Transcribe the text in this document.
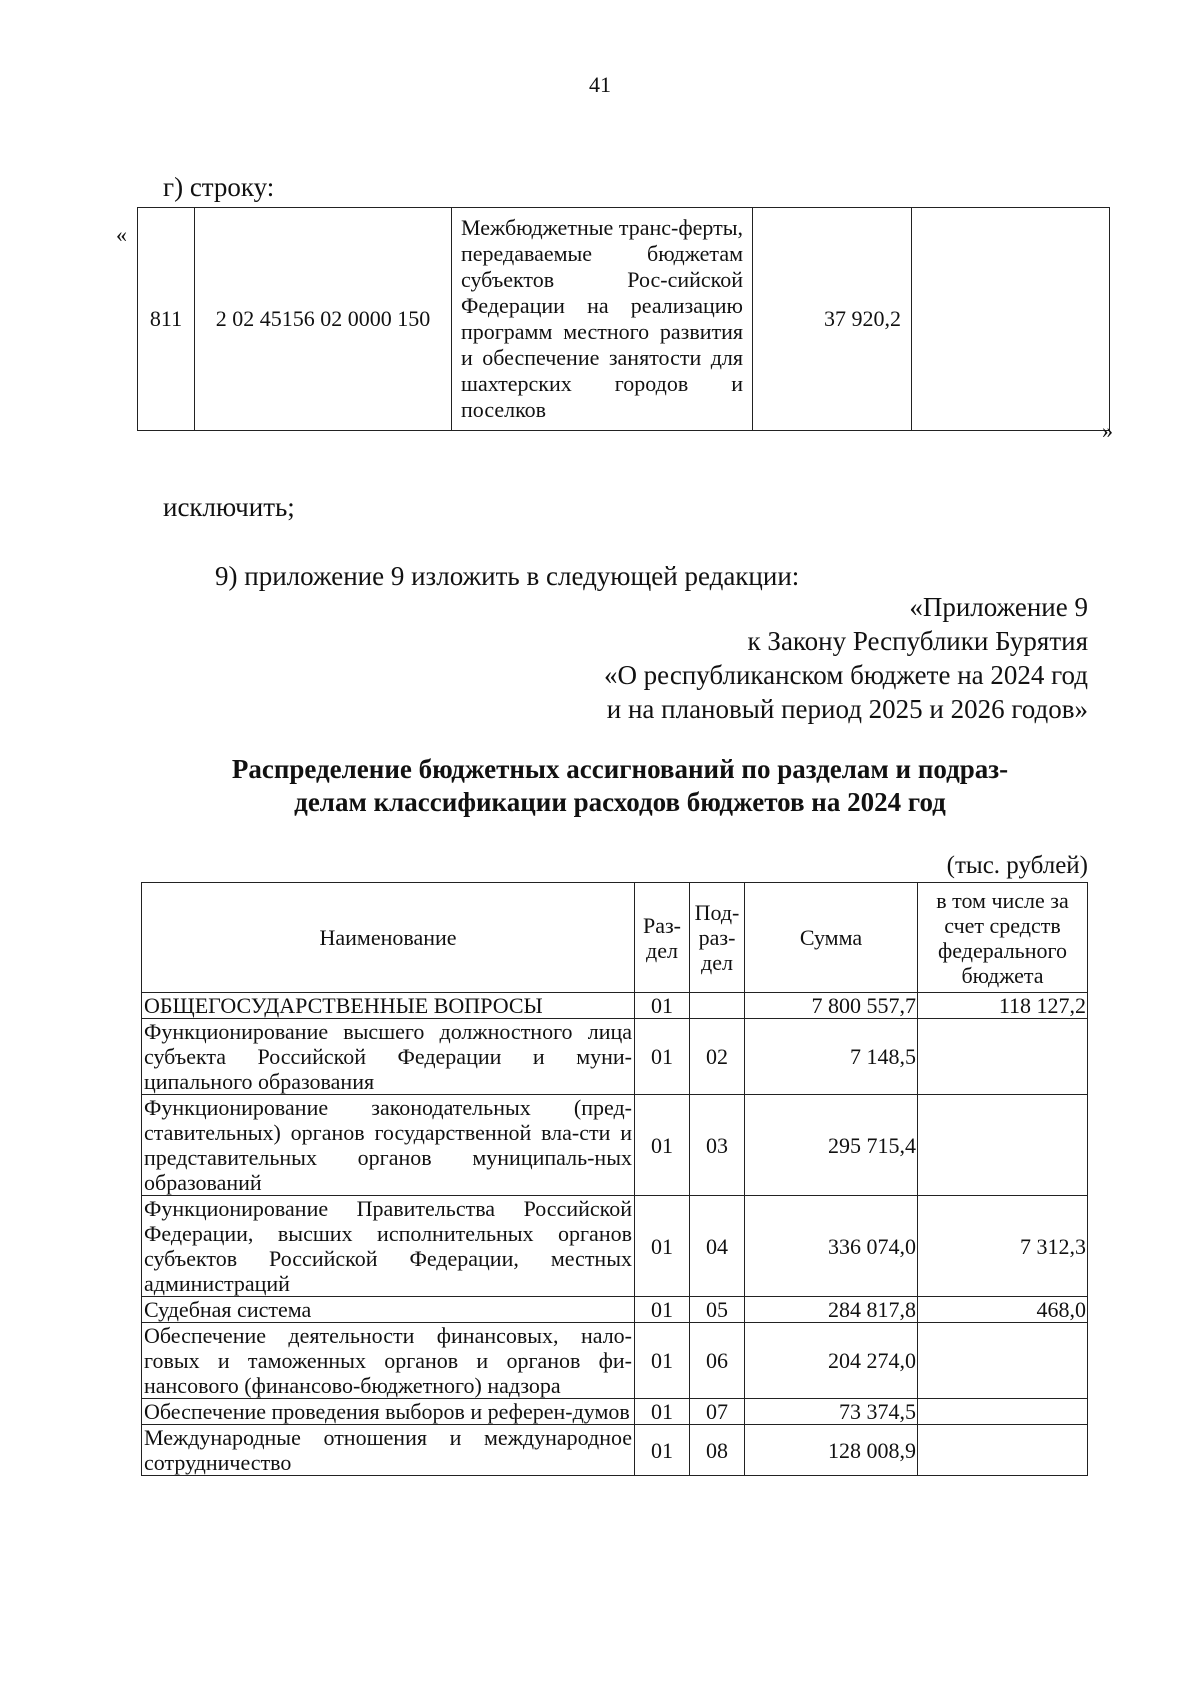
41
г) строку:
«
811	2 02 45156 02 0000 150	Межбюджетные транс-ферты, передаваемые бюджетам субъектов Рос-сийской Федерации на реализацию программ местного развития и обеспечение занятости для шахтерских городов и поселков	37 920,2	
»
исключить;
9) приложение 9 изложить в следующей редакции:
«Приложение 9
к Закону Республики Бурятия
«О республиканском бюджете на 2024 год
и на плановый период 2025 и 2026 годов»
Распределение бюджетных ассигнований по разделам и подраз-
делам классификации расходов бюджетов на 2024 год
(тыс. рублей)
Наименование	Раз-дел	Под-раз-дел	Сумма	в том числе за счет средств федерального бюджета
ОБЩЕГОСУДАРСТВЕННЫЕ ВОПРОСЫ	01		7 800 557,7	118 127,2
Функционирование высшего должностного лица субъекта Российской Федерации и муни-ципального образования	01	02	7 148,5	
Функционирование законодательных (пред-ставительных) органов государственной вла-сти и представительных органов муниципаль-ных образований	01	03	295 715,4	
Функционирование Правительства Российской Федерации, высших исполнительных органов субъектов Российской Федерации, местных администраций	01	04	336 074,0	7 312,3
Судебная система	01	05	284 817,8	468,0
Обеспечение деятельности финансовых, нало-говых и таможенных органов и органов фи-нансового (финансово-бюджетного) надзора	01	06	204 274,0	
Обеспечение проведения выборов и референ-думов	01	07	73 374,5	
Международные отношения и международное сотрудничество	01	08	128 008,9	
